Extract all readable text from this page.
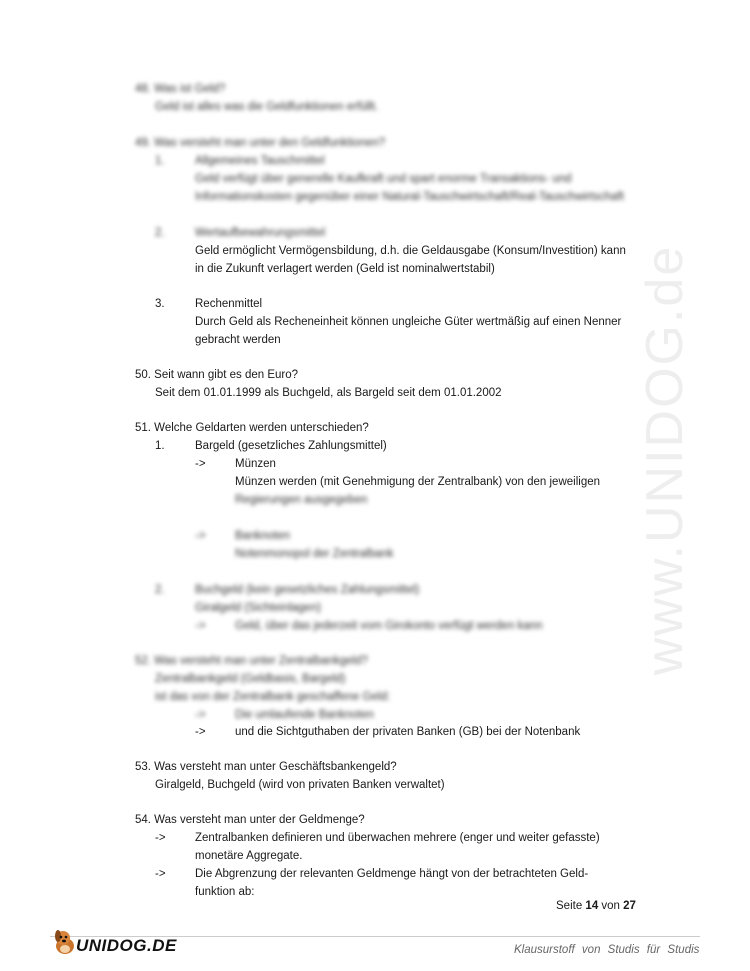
www.UNIDOG.de
48. Was ist Geld?
Geld ist alles was die Geldfunktionen erfüllt.
49. Was versteht man unter den Geldfunktionen?
1.	Allgemeines Tauschmittel
Geld verfügt über generelle Kaufkraft und spart enorme Transaktions- und
Informationskosten gegenüber einer Natural-Tauschwirtschaft/Real-Tauschwirtschaft
2.	Wertaufbewahrungsmittel
Geld ermöglicht Vermögensbildung, d.h. die Geldausgabe (Konsum/Investition) kann
in die Zukunft verlagert werden (Geld ist nominalwertstabil)
3.	Rechenmittel
Durch Geld als Recheneinheit können ungleiche Güter wertmäßig auf einen Nenner
gebracht werden
50. Seit wann gibt es den Euro?
Seit dem 01.01.1999 als Buchgeld, als Bargeld seit dem 01.01.2002
51. Welche Geldarten werden unterschieden?
1.	Bargeld (gesetzliches Zahlungsmittel)
->	Münzen
Münzen werden (mit Genehmigung der Zentralbank) von den jeweiligen
Regierungen ausgegeben
->	Banknoten
Notenmonopol der Zentralbank
2.	Buchgeld (kein gesetzliches Zahlungsmittel)
Giralgeld (Sichteinlagen)
->	Geld, über das jederzeit vom Girokonto verfügt werden kann
52. Was versteht man unter Zentralbankgeld?
Zentralbankgeld (Geldbasis, Bargeld)
ist das von der Zentralbank geschaffene Geld:
->	Die umlaufende Banknoten
->	und die Sichtguthaben der privaten Banken (GB) bei der Notenbank
53. Was versteht man unter Geschäftsbankengeld?
Giralgeld, Buchgeld (wird von privaten Banken verwaltet)
54. Was versteht man unter der Geldmenge?
->	Zentralbanken definieren und überwachen mehrere (enger und weiter gefasste)
monetäre Aggregate.
->	Die Abgrenzung der relevanten Geldmenge hängt von der betrachteten Geld-
funktion ab:
Seite 14 von 27
UNIDOG.DE	Klausurstoff von Studis für Studis
